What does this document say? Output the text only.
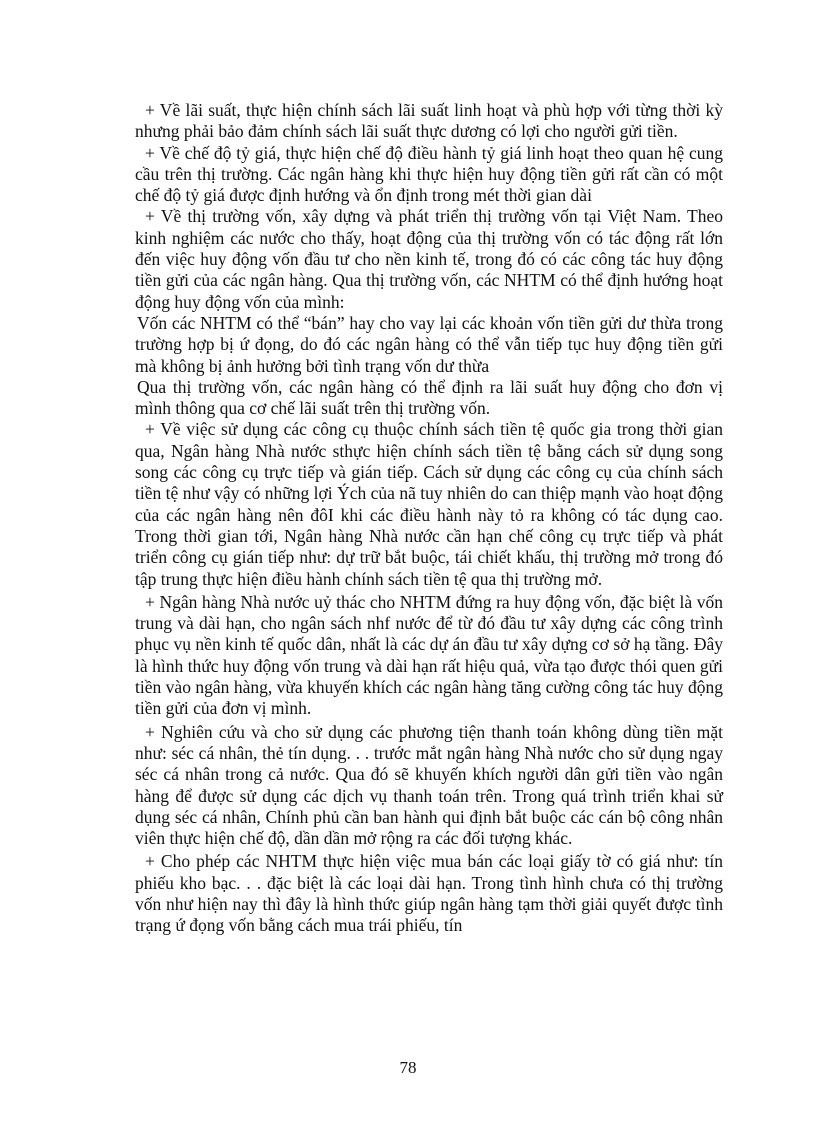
+ Về lãi suất, thực hiện chính sách lãi suất linh hoạt và phù hợp với từng thời kỳ nhưng phải bảo đảm chính sách lãi suất thực dương có lợi cho người gửi tiền.

+ Về chế độ tỷ giá, thực hiện chế độ điều hành tỷ giá linh hoạt theo quan hệ cung cầu trên thị trường. Các ngân hàng khi thực hiện huy động tiền gửi rất cần có một chế độ tỷ giá được định hướng và ổn định trong mét thời gian dài

+ Về thị trường vốn, xây dựng và phát triển thị trường vốn tại Việt Nam. Theo kinh nghiệm các nước cho thấy, hoạt động của thị trường vốn có tác động rất lớn đến việc huy động vốn đầu tư cho nền kinh tế, trong đó có các công tác huy động tiền gửi của các ngân hàng. Qua thị trường vốn, các NHTM có thể định hướng hoạt động huy động vốn của mình:

Vốn các NHTM có thể “bán” hay cho vay lại các khoản vốn tiền gửi dư thừa trong trường hợp bị ứ đọng, do đó các ngân hàng có thể vẫn tiếp tục huy động tiền gửi mà không bị ảnh hưởng bởi tình trạng vốn dư thừa

Qua thị trường vốn, các ngân hàng có thể định ra lãi suất huy động cho đơn vị mình thông qua cơ chế lãi suất trên thị trường vốn.

+ Về việc sử dụng các công cụ thuộc chính sách tiền tệ quốc gia trong thời gian qua, Ngân hàng Nhà nước sthực hiện chính sách tiền tệ bằng cách sử dụng song song các công cụ trực tiếp và gián tiếp. Cách sử dụng các công cụ của chính sách tiền tệ như vậy có những lợi Ých của nã tuy nhiên do can thiệp mạnh vào hoạt động của các ngân hàng nên đôI khi các điều hành này tỏ ra không có tác dụng cao. Trong thời gian tới, Ngân hàng Nhà nước cần hạn chế công cụ trực tiếp và phát triển công cụ gián tiếp như: dự trữ bắt buộc, tái chiết khấu, thị trường mở trong đó tập trung thực hiện điều hành chính sách tiền tệ qua thị trường mở.

+ Ngân hàng Nhà nước uỷ thác cho NHTM đứng ra huy động vốn, đặc biệt là vốn trung và dài hạn, cho ngân sách nhf nước để từ đó đầu tư xây dựng các công trình phục vụ nền kinh tế quốc dân, nhất là các dự án đầu tư xây dựng cơ sở hạ tầng. Đây là hình thức huy động vốn trung và dài hạn rất hiệu quả, vừa tạo được thói quen gửi tiền vào ngân hàng, vừa khuyến khích các ngân hàng tăng cường công tác huy động tiền gửi của đơn vị mình.

+ Nghiên cứu và cho sử dụng các phương tiện thanh toán không dùng tiền mặt như: séc cá nhân, thẻ tín dụng. . . trước mắt ngân hàng Nhà nước cho sử dụng ngay séc cá nhân trong cả nước. Qua đó sẽ khuyến khích người dân gửi tiền vào ngân hàng để được sử dụng các dịch vụ thanh toán trên. Trong quá trình triển khai sử dụng séc cá nhân, Chính phủ cần ban hành qui định bắt buộc các cán bộ công nhân viên thực hiện chế độ, dần dần mở rộng ra các đối tượng khác.

+ Cho phép các NHTM thực hiện việc mua bán các loại giấy tờ có giá như: tín phiếu kho bạc. . . đặc biệt là các loại dài hạn. Trong tình hình chưa có thị trường vốn như hiện nay thì đây là hình thức giúp ngân hàng tạm thời giải quyết được tình trạng ứ đọng vốn bằng cách mua trái phiếu, tín

78
